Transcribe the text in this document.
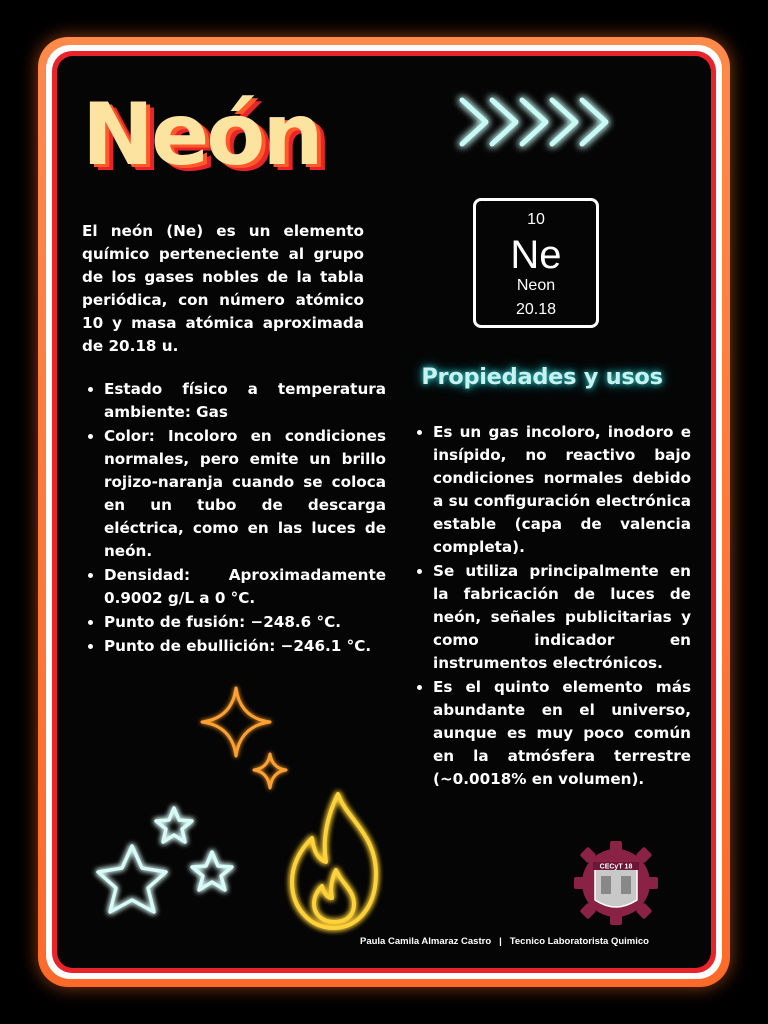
Neón

El neón (Ne) es un elemento químico perteneciente al grupo de los gases nobles de la tabla periódica, con número atómico 10 y masa atómica aproximada de 20.18 u.

• Estado físico a temperatura ambiente: Gas
• Color: Incoloro en condiciones normales, pero emite un brillo rojizo-naranja cuando se coloca en un tubo de descarga eléctrica, como en las luces de neón.
• Densidad: Aproximadamente 0.9002 g/L a 0 °C.
• Punto de fusión: −248.6 °C.
• Punto de ebullición: −246.1 °C.
10
Ne
Neon
20.18
Propiedades y usos
• Es un gas incoloro, inodoro e insípido, no reactivo bajo condiciones normales debido a su configuración electrónica estable (capa de valencia completa).
• Se utiliza principalmente en la fabricación de luces de neón, señales publicitarias y como indicador en instrumentos electrónicos.
• Es el quinto elemento más abundante en el universo, aunque es muy poco común en la atmósfera terrestre (~0.0018% en volumen).
CECyT 18

Paula Camila Almaraz Castro | Tecnico Laboratorista Quimico
